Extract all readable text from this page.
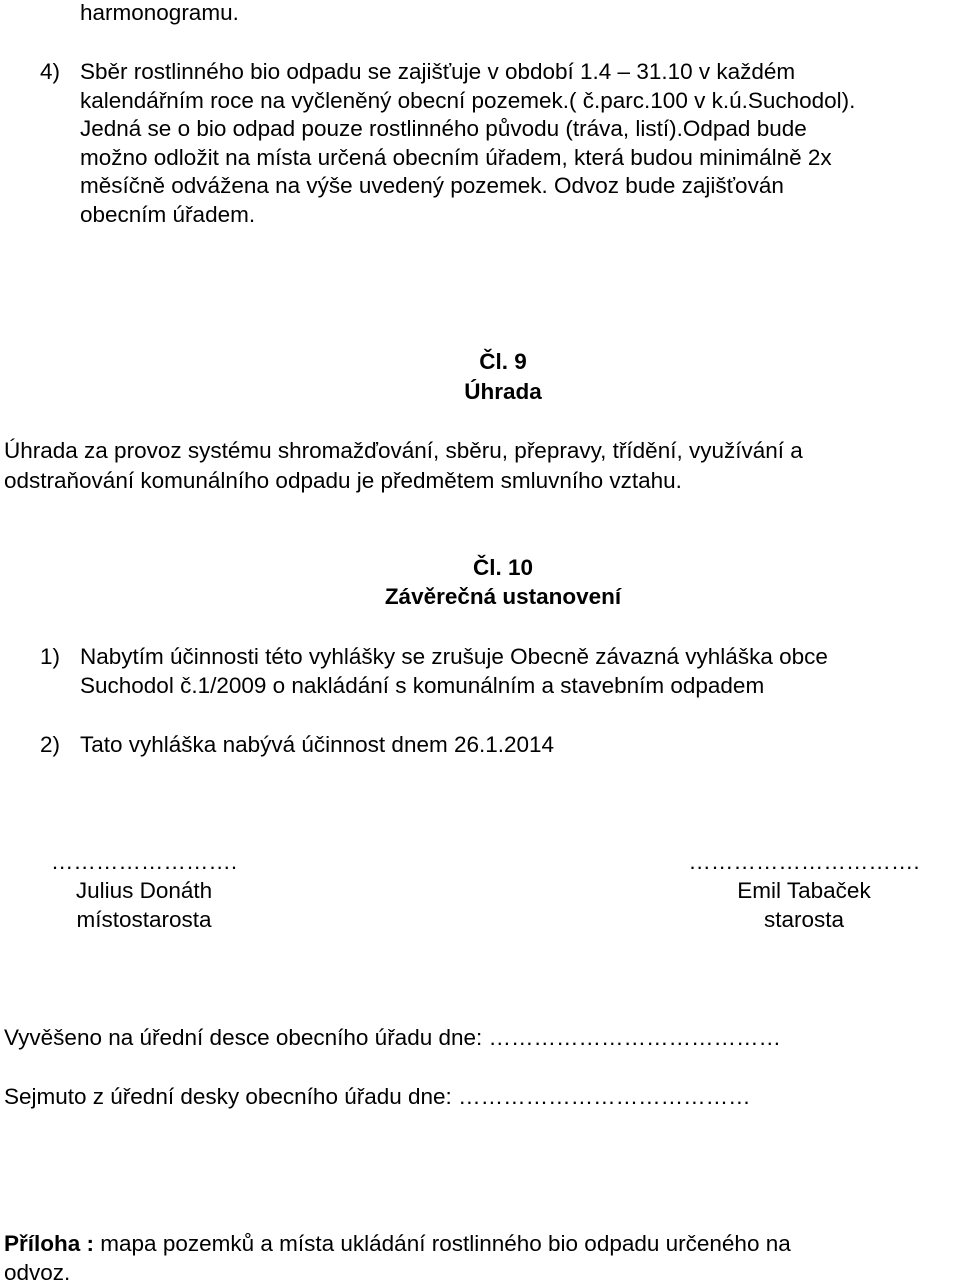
harmonogramu.
4) Sběr rostlinného bio odpadu se zajišťuje v období 1.4 – 31.10 v každém
kalendářním roce na vyčleněný obecní pozemek.( č.parc.100 v k.ú.Suchodol).
Jedná se o bio odpad pouze rostlinného původu (tráva, listí).Odpad bude
možno odložit na místa určená obecním úřadem, která budou minimálně 2x
měsíčně odvážena na výše uvedený pozemek. Odvoz bude zajišťován
obecním úřadem.
Čl. 9
Úhrada
Úhrada za provoz systému shromažďování, sběru, přepravy, třídění, využívání a
odstraňování komunálního odpadu je předmětem smluvního vztahu.
Čl. 10
Závěrečná ustanovení
1) Nabytím účinnosti této vyhlášky se zrušuje Obecně závazná vyhláška obce
Suchodol č.1/2009 o nakládání s komunálním a stavebním odpadem
2) Tato vyhláška nabývá účinnost dnem 26.1.2014
…………………….
Julius Donáth
místostarosta
………………………….
Emil Tabaček
starosta
Vyvěšeno na úřední desce obecního úřadu dne: …………………………………
Sejmuto z úřední desky obecního úřadu dne: …………………………………
Příloha : mapa pozemků a místa ukládání rostlinného bio odpadu určeného na
odvoz.
